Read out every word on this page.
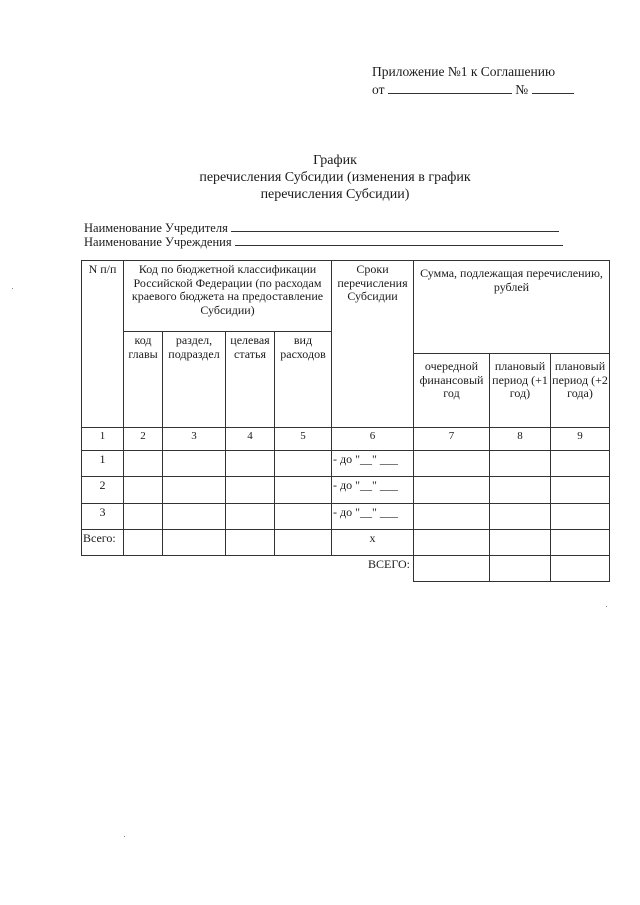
Приложение №1 к Соглашению
от	№
График
перечисления Субсидии (изменения в график
перечисления Субсидии)
Наименование Учредителя
Наименование Учреждения
N п/п	Код по бюджетной классификации Российской Федерации (по расходам краевого бюджета на предоставление Субсидии)				Сроки перечисления Субсидии	Сумма, подлежащая перечислению, рублей		
	код главы	раздел, подраздел	целевая статья	вид расходов				
						очередной финансовый год	плановый период (+1 год)	плановый период (+2 года)
1	2	3	4	5	6	7	8	9
1					- до "__" ___			
2					- до "__" ___			
3					- до "__" ___			
Всего:					x			
					ВСЕГО:			
